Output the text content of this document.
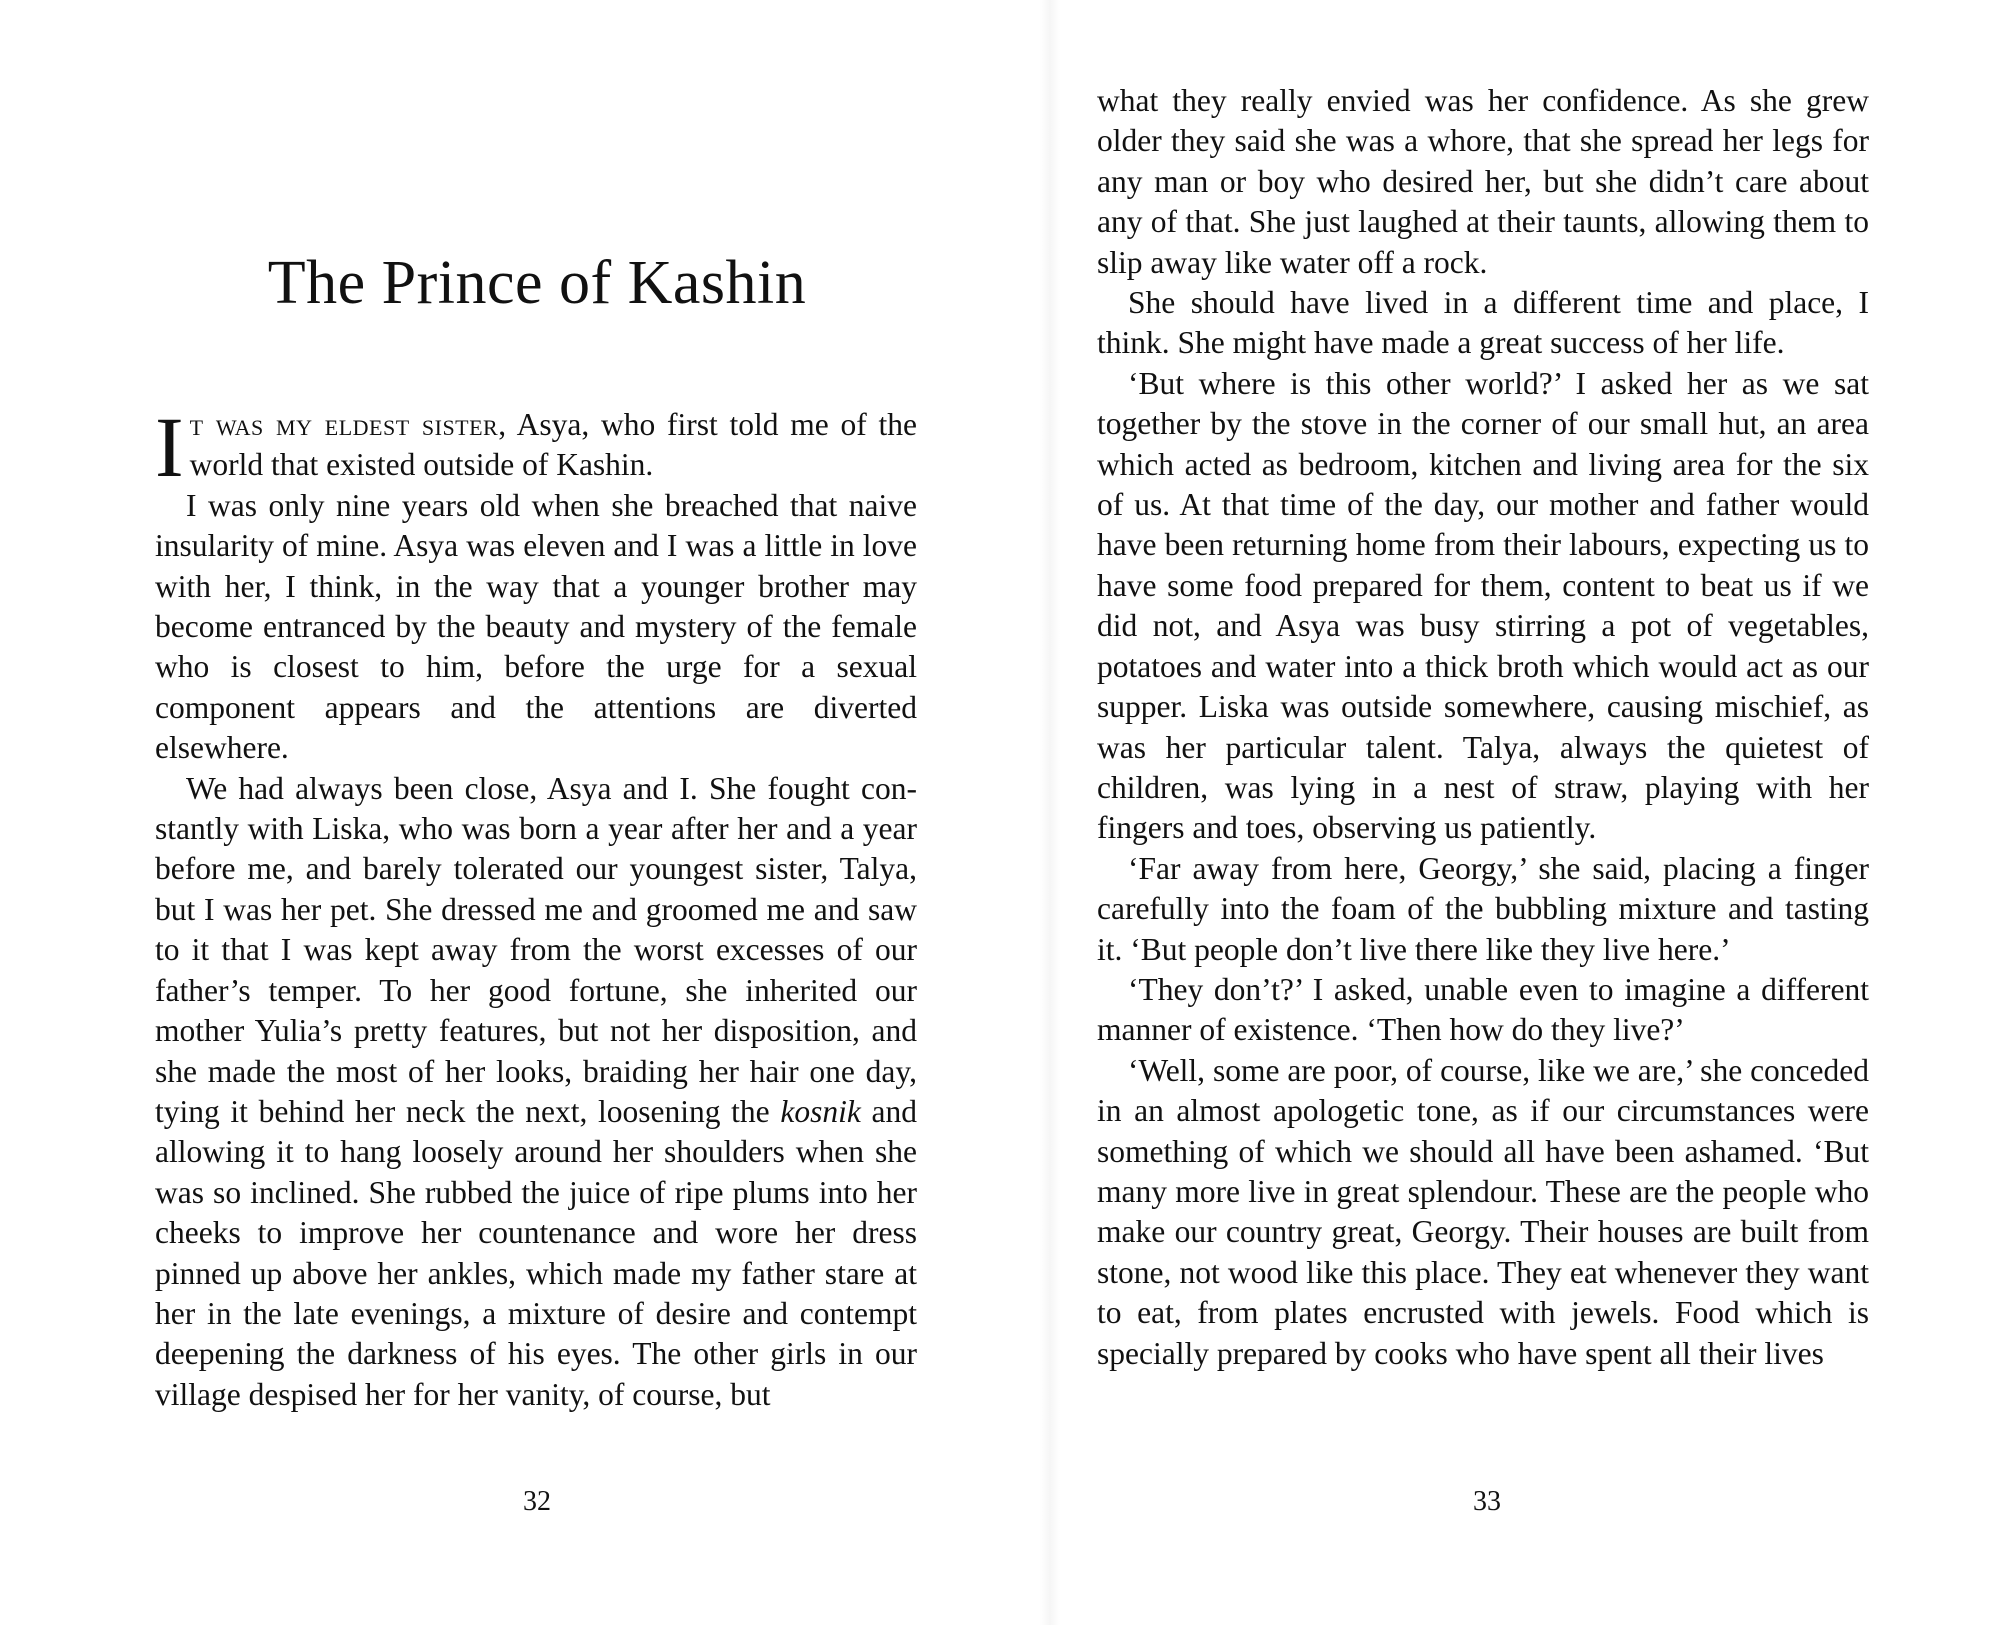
The Prince of Kashin

It was my eldest sister, Asya, who first told me of the world that existed outside of Kashin.

I was only nine years old when she breached that naive insularity of mine. Asya was eleven and I was a little in love with her, I think, in the way that a younger brother may become entranced by the beauty and mystery of the female who is closest to him, before the urge for a sexual component appears and the attentions are diverted elsewhere.

We had always been close, Asya and I. She fought constantly with Liska, who was born a year after her and a year before me, and barely tolerated our youngest sister, Talya, but I was her pet. She dressed me and groomed me and saw to it that I was kept away from the worst excesses of our father’s temper. To her good fortune, she inherited our mother Yulia’s pretty features, but not her disposition, and she made the most of her looks, braiding her hair one day, tying it behind her neck the next, loosening the kosnik and allowing it to hang loosely around her shoulders when she was so inclined. She rubbed the juice of ripe plums into her cheeks to improve her countenance and wore her dress pinned up above her ankles, which made my father stare at her in the late evenings, a mixture of desire and contempt deepening the darkness of his eyes. The other girls in our village despised her for her vanity, of course, but

32

what they really envied was her confidence. As she grew older they said she was a whore, that she spread her legs for any man or boy who desired her, but she didn’t care about any of that. She just laughed at their taunts, allowing them to slip away like water off a rock.

She should have lived in a different time and place, I think. She might have made a great success of her life.

‘But where is this other world?’ I asked her as we sat together by the stove in the corner of our small hut, an area which acted as bedroom, kitchen and living area for the six of us. At that time of the day, our mother and father would have been returning home from their labours, expecting us to have some food prepared for them, content to beat us if we did not, and Asya was busy stirring a pot of vegetables, potatoes and water into a thick broth which would act as our supper. Liska was outside somewhere, causing mischief, as was her particular talent. Talya, always the quietest of children, was lying in a nest of straw, playing with her fingers and toes, observing us patiently.

‘Far away from here, Georgy,’ she said, placing a finger carefully into the foam of the bubbling mixture and tasting it. ‘But people don’t live there like they live here.’

‘They don’t?’ I asked, unable even to imagine a different manner of existence. ‘Then how do they live?’

‘Well, some are poor, of course, like we are,’ she conceded in an almost apologetic tone, as if our circumstances were something of which we should all have been ashamed. ‘But many more live in great splendour. These are the people who make our country great, Georgy. Their houses are built from stone, not wood like this place. They eat whenever they want to eat, from plates encrusted with jewels. Food which is specially prepared by cooks who have spent all their lives

33
